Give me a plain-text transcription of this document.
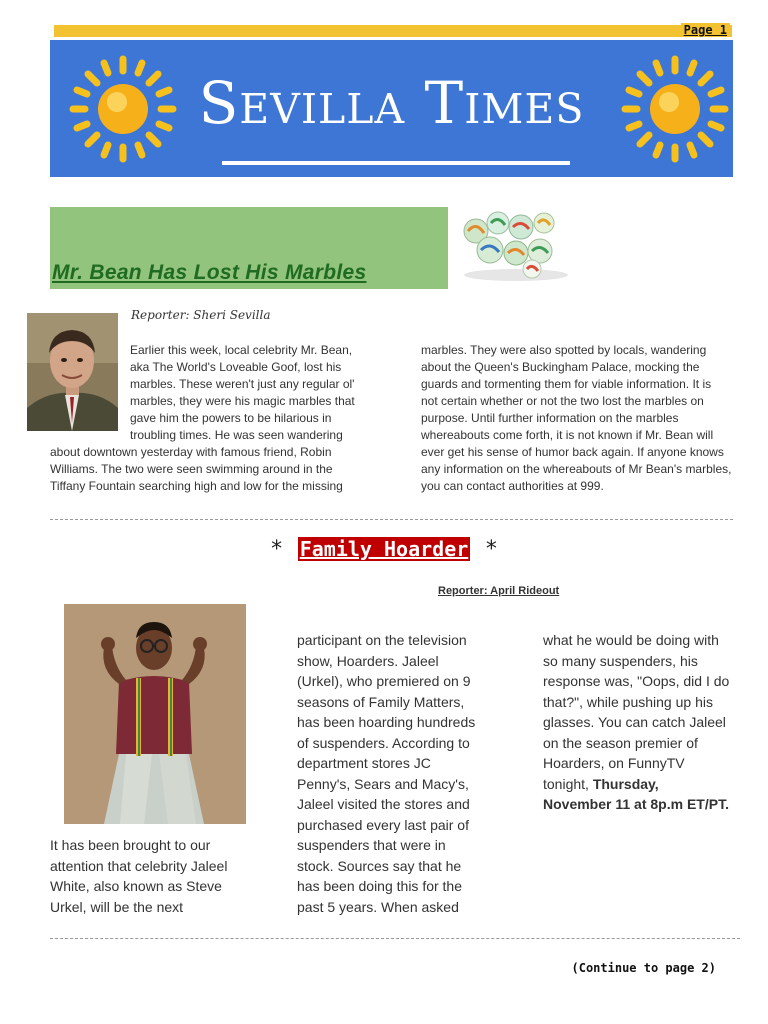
Page 1
Sevilla Times
Mr. Bean Has Lost His Marbles
Reporter: Sheri Sevilla
Earlier this week, local celebrity Mr. Bean,
aka The World's Loveable Goof, lost his
marbles. These weren't just any regular ol'
marbles, they were his magic marbles that
gave him the powers to be hilarious in
troubling times. He was seen wandering
about downtown yesterday with famous friend, Robin
Williams. The two were seen swimming around in the
Tiffany Fountain searching high and low for the missing
marbles. They were also spotted by locals, wandering
about the Queen's Buckingham Palace, mocking the
guards and tormenting them for viable information. It is
not certain whether or not the two lost the marbles on
purpose. Until further information on the marbles
whereabouts come forth, it is not known if Mr. Bean will
ever get his sense of humor back again. If anyone knows
any information on the whereabouts of Mr Bean's marbles,
you can contact authorities at 999.
* Family Hoarder *
Reporter: April Rideout
It has been brought to our
attention that celebrity Jaleel
White, also known as Steve
Urkel, will be the next
participant on the television
show, Hoarders. Jaleel
(Urkel), who premiered on 9
seasons of Family Matters,
has been hoarding hundreds
of suspenders. According to
department stores JC
Penny's, Sears and Macy's,
Jaleel visited the stores and
purchased every last pair of
suspenders that were in
stock. Sources say that he
has been doing this for the
past 5 years. When asked
what he would be doing with
so many suspenders, his
response was, "Oops, did I do
that?", while pushing up his
glasses. You can catch Jaleel
on the season premier of
Hoarders, on FunnyTV
tonight, Thursday,
November 11 at 8p.m ET/PT.
(Continue to page 2)
